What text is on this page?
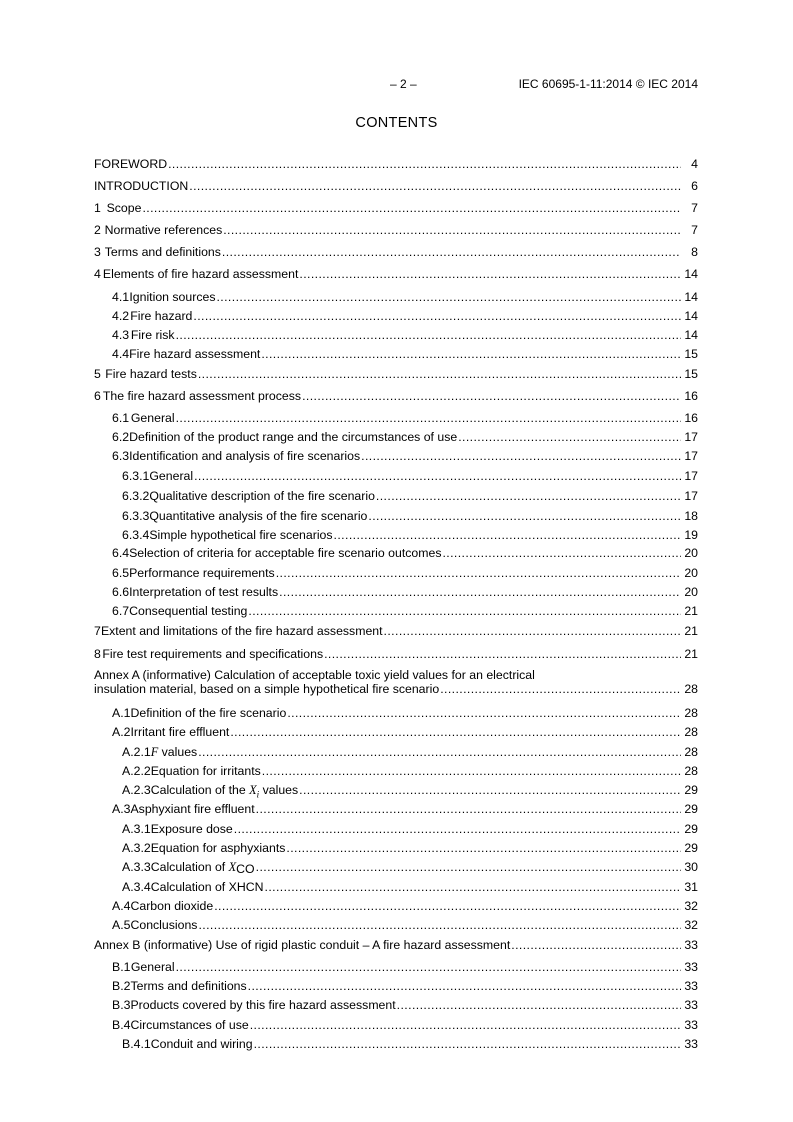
– 2 –	IEC 60695-1-11:2014 © IEC 2014
CONTENTS
FOREWORD .....	4
INTRODUCTION .....	6
1 Scope .....	7
2 Normative references .....	7
3 Terms and definitions .....	8
4 Elements of fire hazard assessment .....	14
4.1 Ignition sources .....	14
4.2 Fire hazard .....	14
4.3 Fire risk .....	14
4.4 Fire hazard assessment .....	15
5 Fire hazard tests .....	15
6 The fire hazard assessment process .....	16
6.1 General .....	16
6.2 Definition of the product range and the circumstances of use .....	17
6.3 Identification and analysis of fire scenarios .....	17
6.3.1 General .....	17
6.3.2 Qualitative description of the fire scenario .....	17
6.3.3 Quantitative analysis of the fire scenario .....	18
6.3.4 Simple hypothetical fire scenarios .....	19
6.4 Selection of criteria for acceptable fire scenario outcomes .....	20
6.5 Performance requirements .....	20
6.6 Interpretation of test results .....	20
6.7 Consequential testing .....	21
7 Extent and limitations of the fire hazard assessment .....	21
8 Fire test requirements and specifications .....	21
Annex A (informative) Calculation of acceptable toxic yield values for an electrical
insulation material, based on a simple hypothetical fire scenario .....	28
A.1 Definition of the fire scenario .....	28
A.2 Irritant fire effluent .....	28
A.2.1 F values .....	28
A.2.2 Equation for irritants .....	28
A.2.3 Calculation of the $X_i$ values .....	29
A.3 Asphyxiant fire effluent .....	29
A.3.1 Exposure dose .....	29
A.3.2 Equation for asphyxiants .....	29
A.3.3 Calculation of XCO .....	30
A.3.4 Calculation of XHCN .....	31
A.4 Carbon dioxide .....	32
A.5 Conclusions .....	32
Annex B (informative) Use of rigid plastic conduit – A fire hazard assessment .....	33
B.1 General .....	33
B.2 Terms and definitions .....	33
B.3 Products covered by this fire hazard assessment .....	33
B.4 Circumstances of use .....	33
B.4.1 Conduit and wiring .....	33
